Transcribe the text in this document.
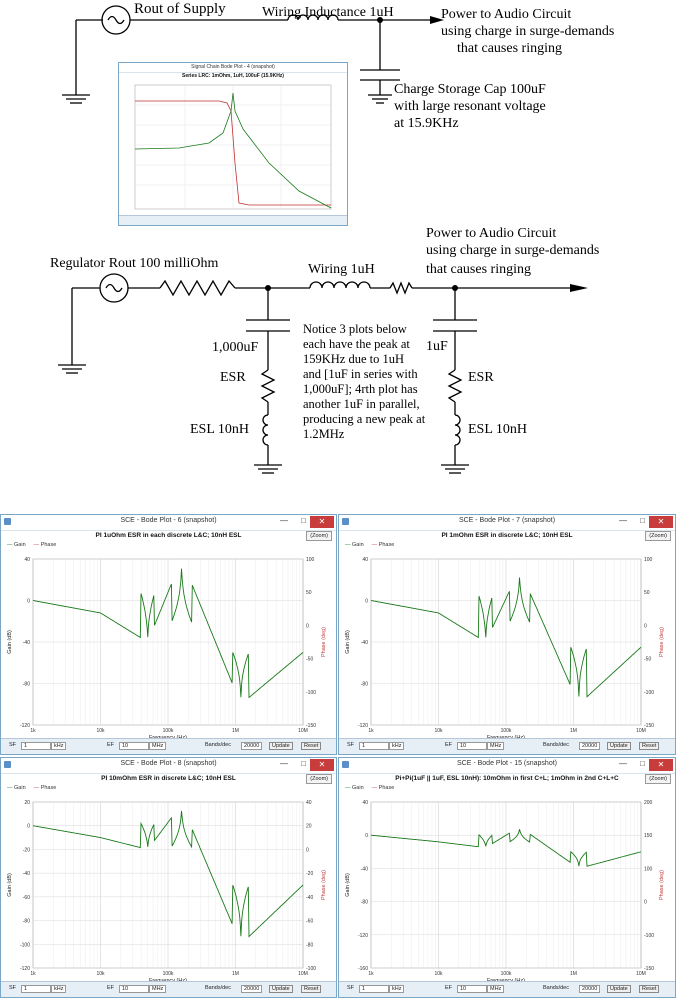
Rout of Supply	Wiring Inductance 1uH	Power to Audio Circuit
using charge in surge-demands
that causes ringing
Charge Storage Cap 100uF
with large resonant voltage
at 15.9KHz
Signal Chain Bode Plot - 4 (snapshot)
Series LRC: 1mOhm, 1uH, 100uF (15.9KHz)
Regulator Rout 100 milliOhm	Wiring 1uH
Power to Audio Circuit
using charge in surge-demands
that causes ringing
1,000uF
ESR
ESL 10nH
1uF
ESR
ESL 10nH
Notice 3 plots below
each have the peak at
159KHz due to 1uH
and [1uF in series with
1,000uF]; 4rth plot has
another 1uF in parallel,
producing a new peak at
1.2MHz
SCE - Bode Plot - 6 (snapshot)	— □	✕
PI 1uOhm ESR in each discrete L&C; 10nH ESL	(Zoom)
— Gain — Phase
40
0
-40
-80
-120
100
50
0
-50
-100
-150
1k	10k	100k	1M	10M
Gain (dB)	Phase (deg)
SF	1	kHz	EF	10	MHz	Bands/dec	20000	Update	Reset
SCE - Bode Plot - 7 (snapshot)	— □	✕
PI 1mOhm ESR in discrete L&C; 10nH ESL	(Zoom)
— Gain — Phase
40
0
-40
-80
-120
100
50
0
-50
-100
-150
1k	10k	100k	1M	10M
Gain (dB)	Phase (deg)
SF	1	kHz	EF	10	MHz	Bands/dec	20000	Update	Reset
SCE - Bode Plot - 8 (snapshot)	— □	✕
PI 10mOhm ESR in discrete L&C; 10nH ESL	(Zoom)
— Gain — Phase
20
0
-20
-40
-60
-80
-100
-120
40
20
0
-20
-40
-60
-80
-100
1k	10k	100k	1M	10M
Gain (dB)	Phase (deg)
SF	1	kHz	EF	10	MHz	Bands/dec	20000	Update	Reset
SCE - Bode Plot - 15 (snapshot)	— □	✕
Pi+Pi(1uF || 1uF, ESL 10nH): 10mOhm in first C+L; 1mOhm in 2nd C+L+C	(Zoom)
— Gain — Phase
40
0
-40
-80
-120
-160
200
150
100
0
-100
-150
1k	10k	100k	1M	10M
Gain (dB)	Phase (deg)
SF	1	kHz	EF	10	MHz	Bands/dec	20000	Update	Reset
